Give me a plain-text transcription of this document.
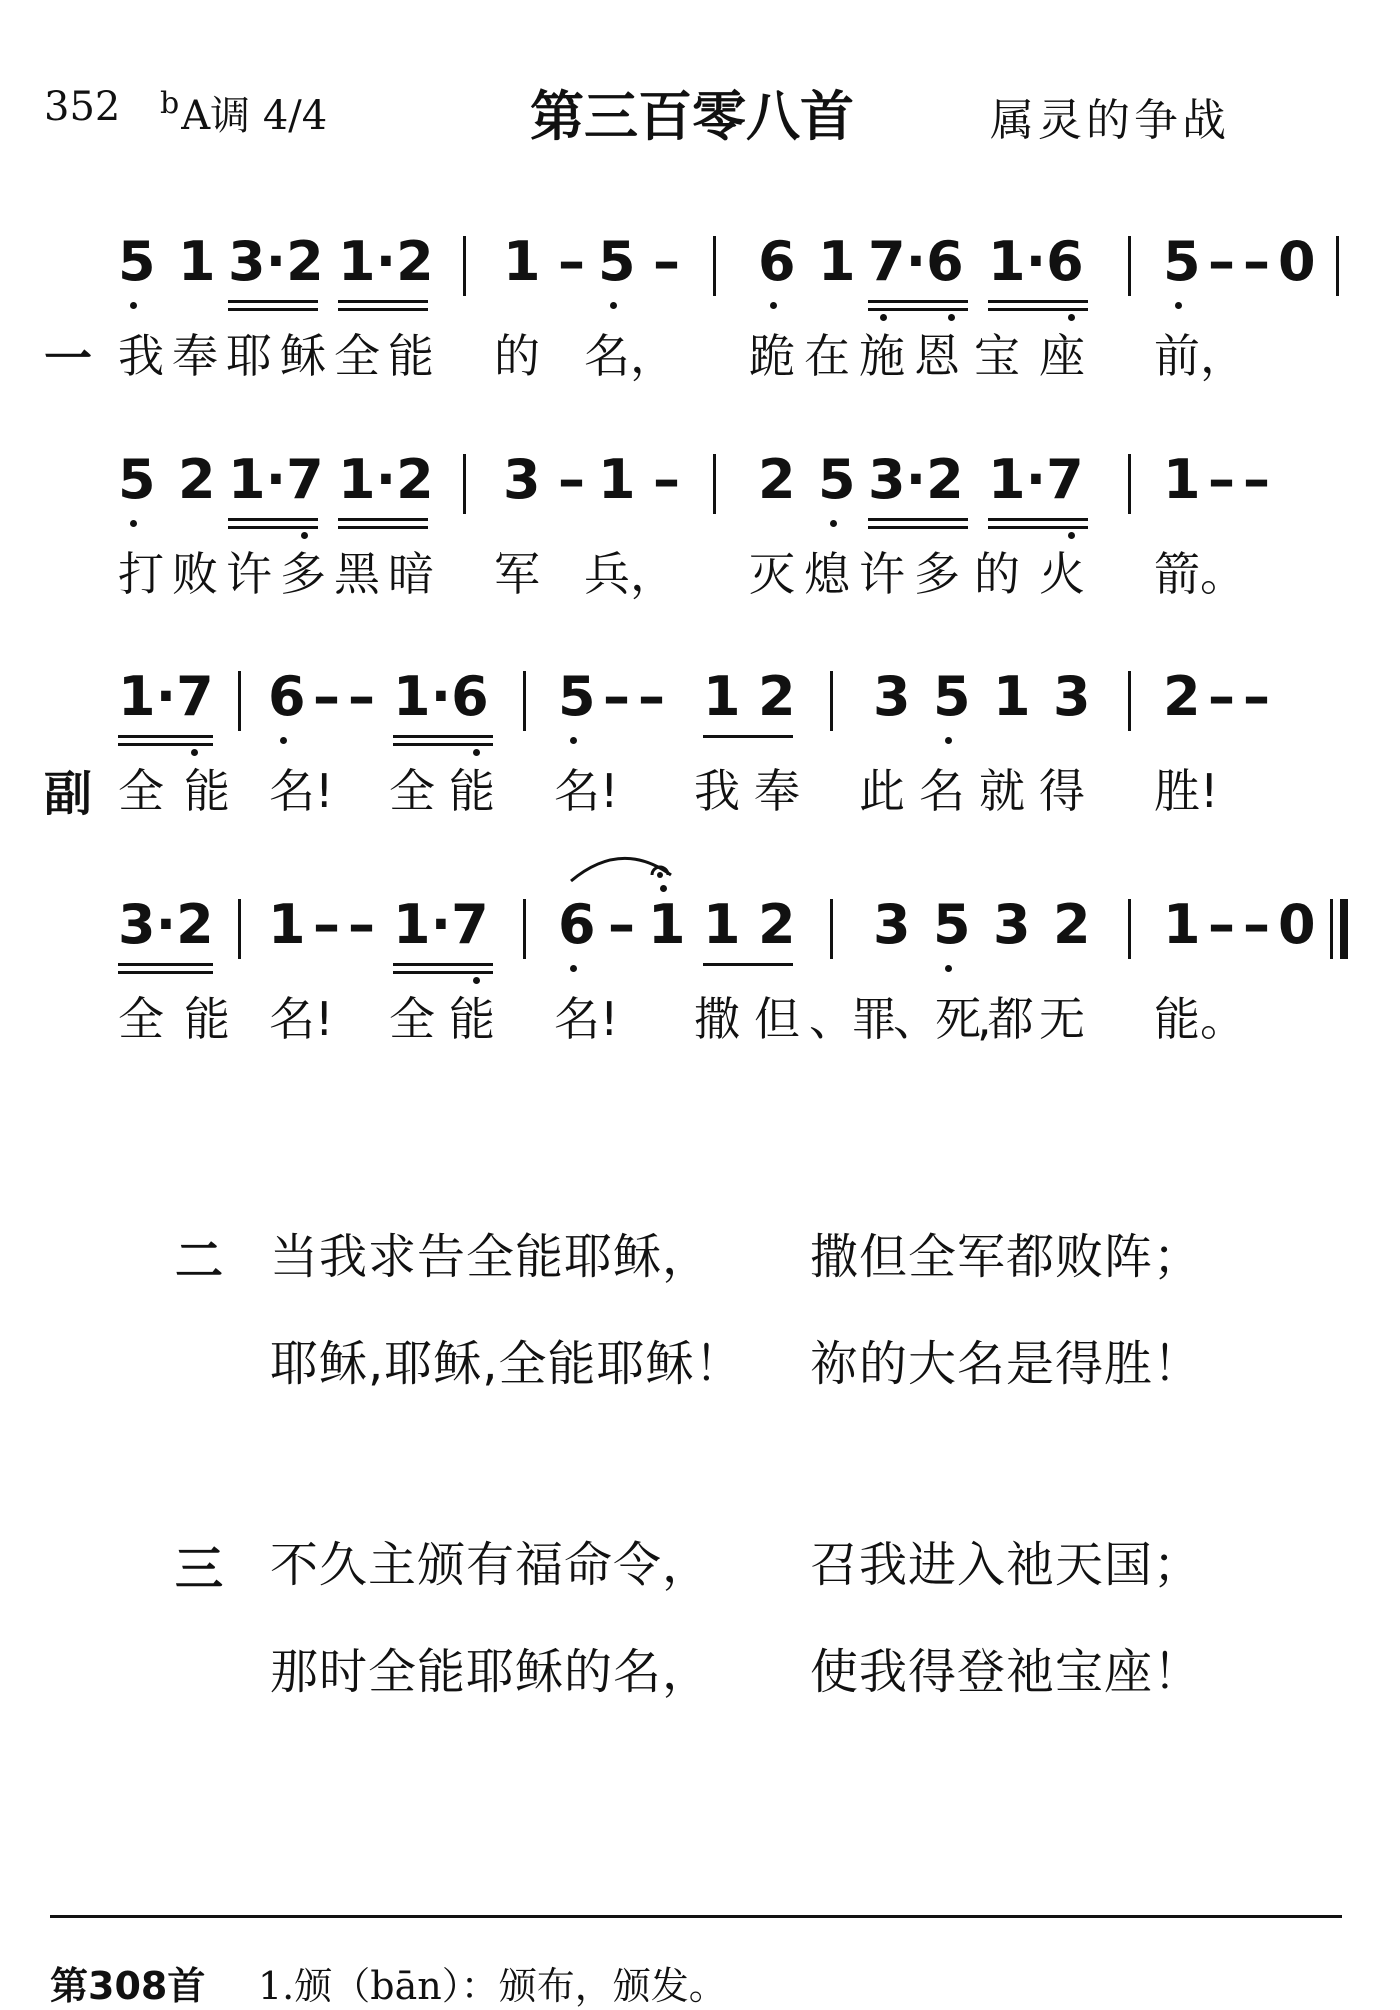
352 $^b$A调 4/4	第三百零八首	属灵的争战
5 1 3·2 1·2 1 – 5 – 6 1 7·6 1·6 5 – – 0
一 我 奉 耶 稣 全 能 的 名， 跪 在 施 恩 宝 座 前，
5 2 1·7 1·2 3 – 1 – 2 5 3·2 1·7 1 – –
打 败 许 多 黑 暗 军 兵， 灭 熄 许 多 的 火 箭。
1·7 6 – – 1·6 5 – – 1 2 3 5 1 3 2 – –
副 全 能 名! 全 能 名! 我 奉 此 名 就 得 胜!
3·2 1 – – 1·7 6 – 1 1 2 3 5 3 2 1 – – 0
全 能 名! 全 能 名! 撒 但 、罪、死,都 无 能。
二 当我求告全能耶稣， 撒但全军都败阵；
耶稣,耶稣,全能耶稣！ 祢的大名是得胜！
三 不久主颁有福命令， 召我进入祂天国；
那时全能耶稣的名， 使我得登祂宝座！
第308首 1.颁（bān）：颁布，颁发。
